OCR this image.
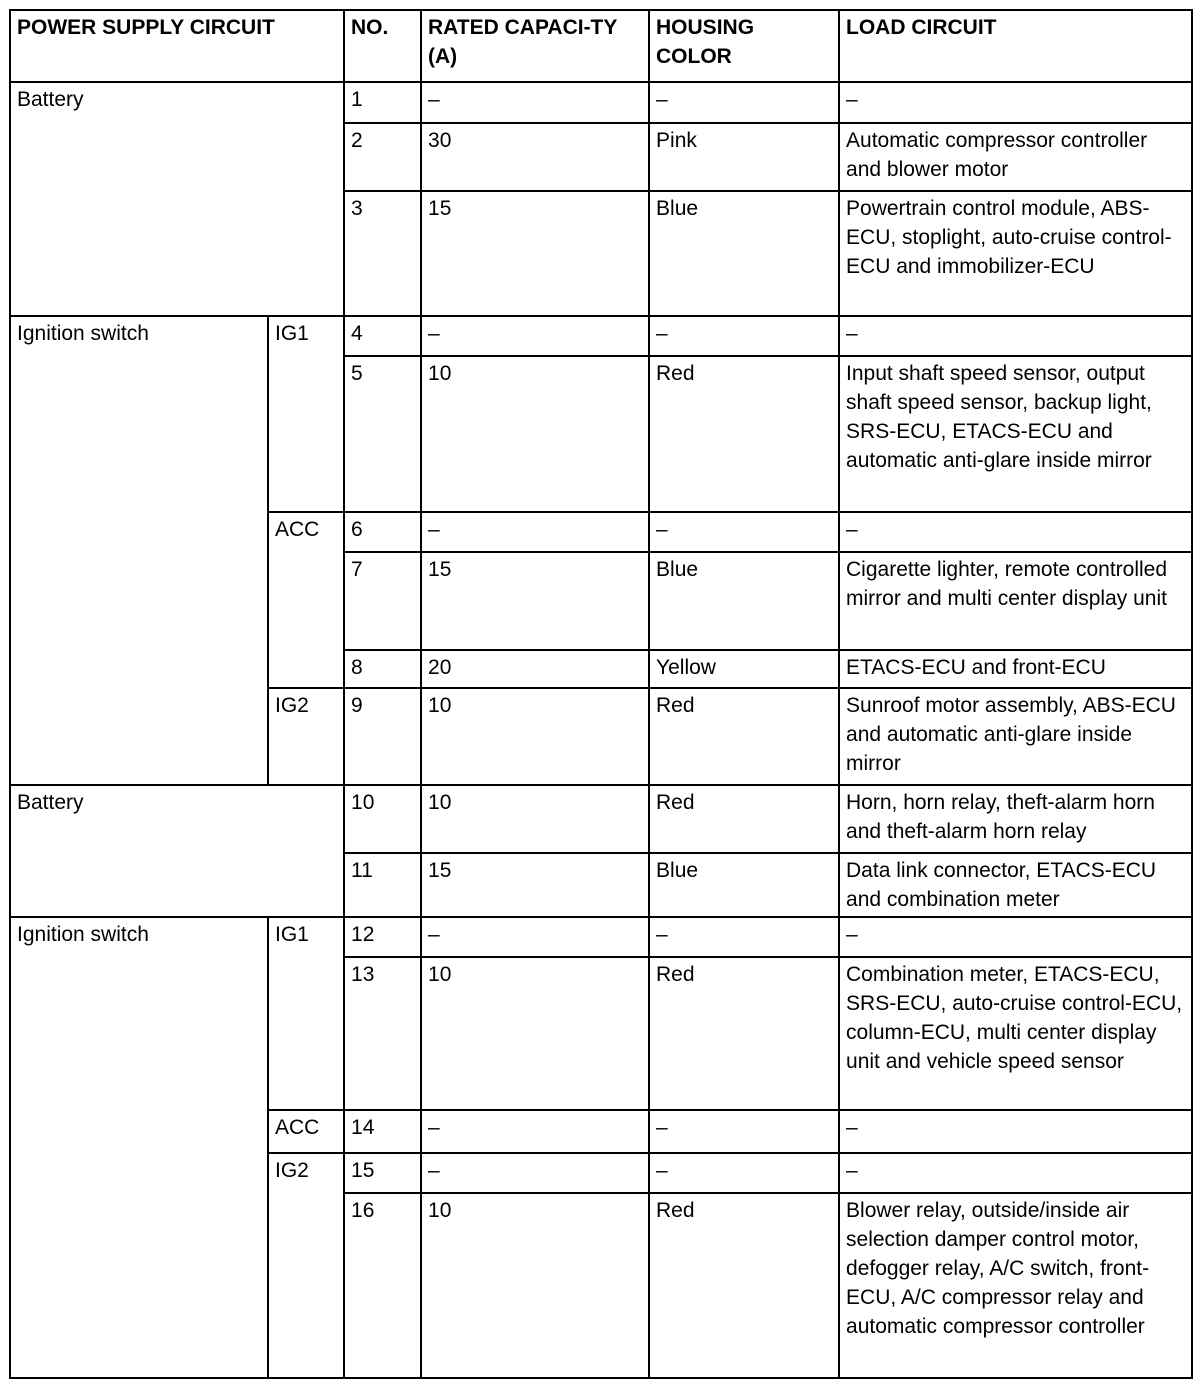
POWER SUPPLY CIRCUIT		NO.	RATED CAPACI-TY (A)	HOUSING COLOR	LOAD CIRCUIT
Battery		1	–	–	–
		2	30	Pink	Automatic compressor controller and blower motor
		3	15	Blue	Powertrain control module, ABS-ECU, stoplight, auto-cruise control-ECU and immobilizer-ECU
Ignition switch	IG1	4	–	–	–
		5	10	Red	Input shaft speed sensor, output shaft speed sensor, backup light, SRS-ECU, ETACS-ECU and automatic anti-glare inside mirror
	ACC	6	–	–	–
		7	15	Blue	Cigarette lighter, remote controlled mirror and multi center display unit
		8	20	Yellow	ETACS-ECU and front-ECU
	IG2	9	10	Red	Sunroof motor assembly, ABS-ECU and automatic anti-glare inside mirror
Battery		10	10	Red	Horn, horn relay, theft-alarm horn and theft-alarm horn relay
		11	15	Blue	Data link connector, ETACS-ECU and combination meter
Ignition switch	IG1	12	–	–	–
		13	10	Red	Combination meter, ETACS-ECU, SRS-ECU, auto-cruise control-ECU, column-ECU, multi center display unit and vehicle speed sensor
	ACC	14	–	–	–
	IG2	15	–	–	–
		16	10	Red	Blower relay, outside/inside air selection damper control motor, defogger relay, A/C switch, front-ECU, A/C compressor relay and automatic compressor controller
